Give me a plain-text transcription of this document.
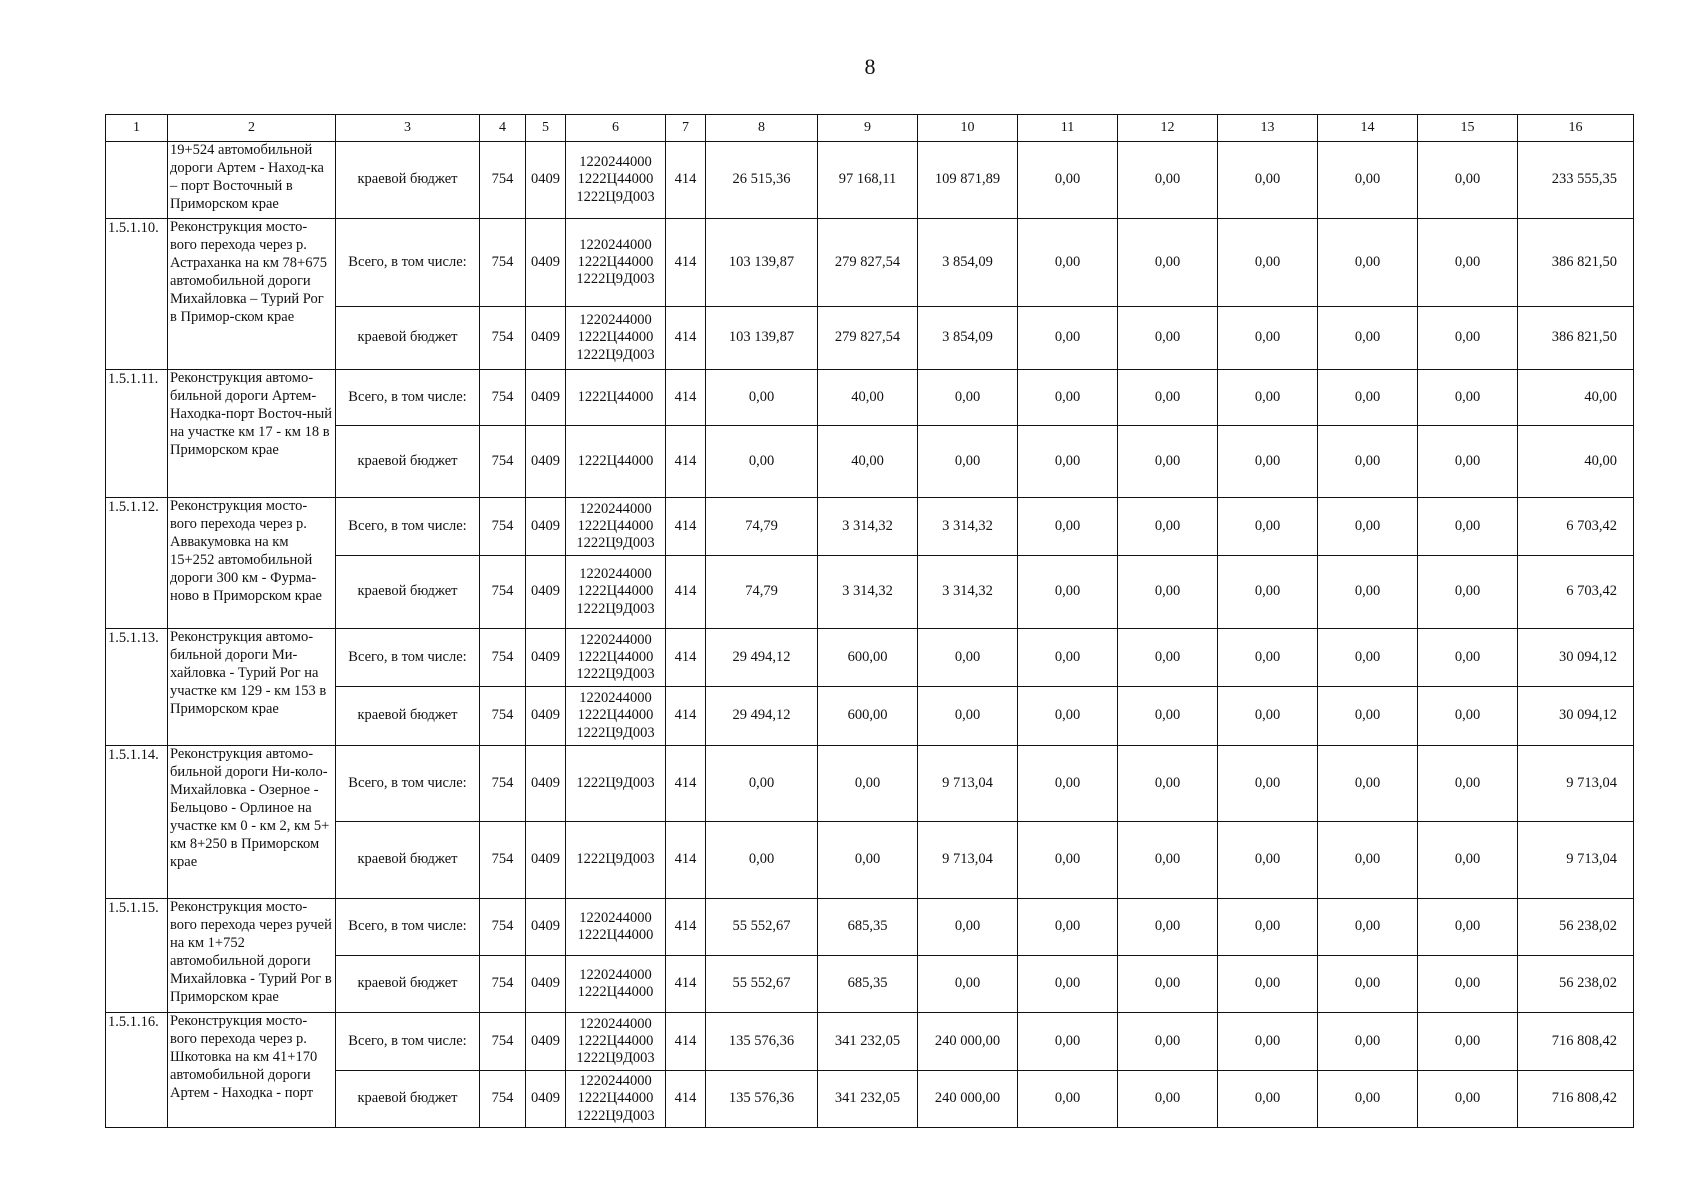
8
1	2	3	4	5	6	7	8	9	10	11	12	13	14	15	16
	19+524 автомобильной дороги Артем - Наход-ка – порт Восточный в Приморском крае	краевой бюджет	754	0409	1220244000
1222Ц44000
1222Ц9Д003	414	26 515,36	97 168,11	109 871,89	0,00	0,00	0,00	0,00	0,00	233 555,35
1.5.1.10.	Реконструкция мосто-вого перехода через р. Астраханка на км 78+675 автомобильной дороги Михайловка – Турий Рог в Примор-ском крае	Всего, в том числе:	754	0409	1220244000
1222Ц44000
1222Ц9Д003	414	103 139,87	279 827,54	3 854,09	0,00	0,00	0,00	0,00	0,00	386 821,50
		краевой бюджет	754	0409	1220244000
1222Ц44000
1222Ц9Д003	414	103 139,87	279 827,54	3 854,09	0,00	0,00	0,00	0,00	0,00	386 821,50
1.5.1.11.	Реконструкция автомо-бильной дороги Артем-Находка-порт Восточ-ный на участке км 17 - км 18 в Приморском крае	Всего, в том числе:	754	0409	1222Ц44000	414	0,00	40,00	0,00	0,00	0,00	0,00	0,00	0,00	40,00
		краевой бюджет	754	0409	1222Ц44000	414	0,00	40,00	0,00	0,00	0,00	0,00	0,00	0,00	40,00
1.5.1.12.	Реконструкция мосто-вого перехода через р. Аввакумовка на км 15+252 автомобильной дороги 300 км - Фурма-ново в Приморском крае	Всего, в том числе:	754	0409	1220244000
1222Ц44000
1222Ц9Д003	414	74,79	3 314,32	3 314,32	0,00	0,00	0,00	0,00	0,00	6 703,42
		краевой бюджет	754	0409	1220244000
1222Ц44000
1222Ц9Д003	414	74,79	3 314,32	3 314,32	0,00	0,00	0,00	0,00	0,00	6 703,42
1.5.1.13.	Реконструкция автомо-бильной дороги Ми-хайловка - Турий Рог на участке км 129 - км 153 в Приморском крае	Всего, в том числе:	754	0409	1220244000
1222Ц44000
1222Ц9Д003	414	29 494,12	600,00	0,00	0,00	0,00	0,00	0,00	0,00	30 094,12
		краевой бюджет	754	0409	1220244000
1222Ц44000
1222Ц9Д003	414	29 494,12	600,00	0,00	0,00	0,00	0,00	0,00	0,00	30 094,12
1.5.1.14.	Реконструкция автомо-бильной дороги Ни-коло-Михайловка - Озерное - Бельцово - Орлиное на участке км 0 - км 2, км 5+ км 8+250 в Приморском крае	Всего, в том числе:	754	0409	1222Ц9Д003	414	0,00	0,00	9 713,04	0,00	0,00	0,00	0,00	0,00	9 713,04
		краевой бюджет	754	0409	1222Ц9Д003	414	0,00	0,00	9 713,04	0,00	0,00	0,00	0,00	0,00	9 713,04
1.5.1.15.	Реконструкция мосто-вого перехода через ручей на км 1+752 автомобильной дороги Михайловка - Турий Рог в Приморском крае	Всего, в том числе:	754	0409	1220244000
1222Ц44000	414	55 552,67	685,35	0,00	0,00	0,00	0,00	0,00	0,00	56 238,02
		краевой бюджет	754	0409	1220244000
1222Ц44000	414	55 552,67	685,35	0,00	0,00	0,00	0,00	0,00	0,00	56 238,02
1.5.1.16.	Реконструкция мосто-вого перехода через р. Шкотовка на км 41+170 автомобильной дороги Артем - Находка - порт	Всего, в том числе:	754	0409	1220244000
1222Ц44000
1222Ц9Д003	414	135 576,36	341 232,05	240 000,00	0,00	0,00	0,00	0,00	0,00	716 808,42
		краевой бюджет	754	0409	1220244000
1222Ц44000
1222Ц9Д003	414	135 576,36	341 232,05	240 000,00	0,00	0,00	0,00	0,00	0,00	716 808,42
